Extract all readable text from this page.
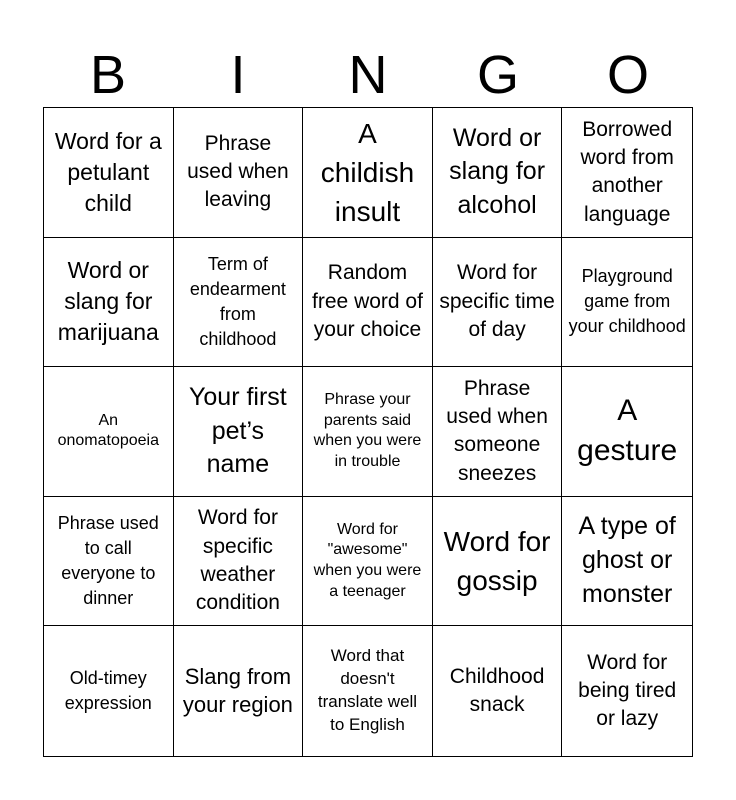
B	I	N	G	O
Word for a petulant child
Phrase used when leaving
A childish insult
Word or slang for alcohol
Borrowed word from another language
Word or slang for marijuana
Term of endearment from childhood
Random free word of your choice
Word for specific time of day
Playground game from your childhood
An onomatopoeia
Your first pet’s name
Phrase your parents said when you were in trouble
Phrase used when someone sneezes
A gesture
Phrase used to call everyone to dinner
Word for specific weather condition
Word for "awesome" when you were a teenager
Word for gossip
A type of ghost or monster
Old-timey expression
Slang from your region
Word that doesn't translate well to English
Childhood snack
Word for being tired or lazy
